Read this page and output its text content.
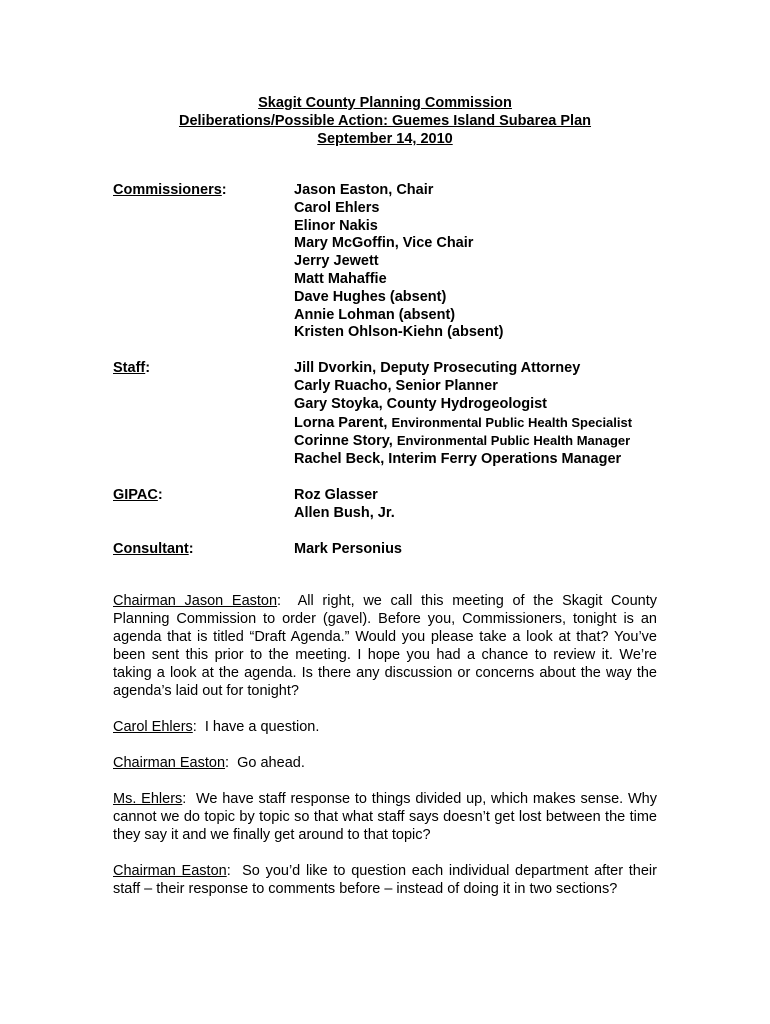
Skagit County Planning Commission
Deliberations/Possible Action: Guemes Island Subarea Plan
September 14, 2010
Commissioners:	Jason Easton, Chair
Carol Ehlers
Elinor Nakis
Mary McGoffin, Vice Chair
Jerry Jewett
Matt Mahaffie
Dave Hughes (absent)
Annie Lohman (absent)
Kristen Ohlson-Kiehn (absent)
Staff:	Jill Dvorkin, Deputy Prosecuting Attorney
Carly Ruacho, Senior Planner
Gary Stoyka, County Hydrogeologist
Lorna Parent, Environmental Public Health Specialist
Corinne Story, Environmental Public Health Manager
Rachel Beck, Interim Ferry Operations Manager
GIPAC:	Roz Glasser
Allen Bush, Jr.
Consultant:	Mark Personius

Chairman Jason Easton:  All right, we call this meeting of the Skagit County Planning Commission to order (gavel). Before you, Commissioners, tonight is an agenda that is titled “Draft Agenda.” Would you please take a look at that? You’ve been sent this prior to the meeting. I hope you had a chance to review it. We’re taking a look at the agenda. Is there any discussion or concerns about the way the agenda’s laid out for tonight?

Carol Ehlers:  I have a question.

Chairman Easton:  Go ahead.

Ms. Ehlers:  We have staff response to things divided up, which makes sense. Why cannot we do topic by topic so that what staff says doesn’t get lost between the time they say it and we finally get around to that topic?

Chairman Easton:  So you’d like to question each individual department after their staff – their response to comments before – instead of doing it in two sections?
